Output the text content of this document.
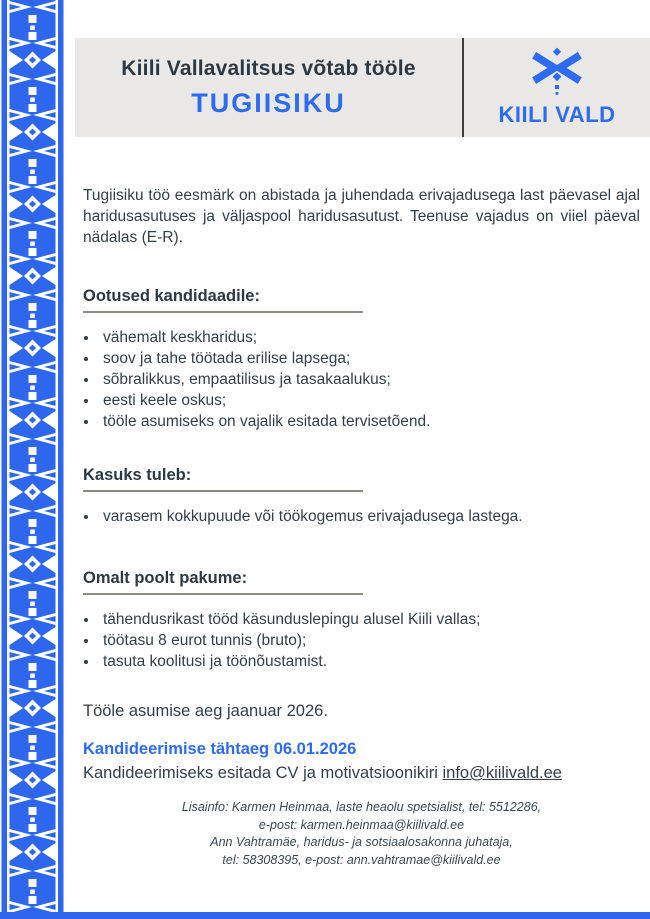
Kiili Vallavalitsus võtab tööle
TUGIISIKU	KIILI VALD

Tugiisiku töö eesmärk on abistada ja juhendada erivajadusega last päevasel ajal haridusasutuses ja väljaspool haridusasutust. Teenuse vajadus on viiel päeval nädalas (E-R).

Ootused kandidaadile:
• vähemalt keskharidus;
• soov ja tahe töötada erilise lapsega;
• sõbralikkus, empaatilisus ja tasakaalukus;
• eesti keele oskus;
• tööle asumiseks on vajalik esitada tervisetõend.
Kasuks tuleb:
• varasem kokkupuude või töökogemus erivajadusega lastega.
Omalt poolt pakume:
• tähendusrikast tööd käsunduslepingu alusel Kiili vallas;
• töötasu 8 eurot tunnis (bruto);
• tasuta koolitusi ja töönõustamist.
Tööle asumise aeg jaanuar 2026.
Kandideerimise tähtaeg 06.01.2026
Kandideerimiseks esitada CV ja motivatsioonikiri info@kiilivald.ee
Lisainfo: Karmen Heinmaa, laste heaolu spetsialist, tel: 5512286,
e-post: karmen.heinmaa@kiilivald.ee
Ann Vahtramäe, haridus- ja sotsiaalosakonna juhataja,
tel: 58308395, e-post: ann.vahtramae@kiilivald.ee
